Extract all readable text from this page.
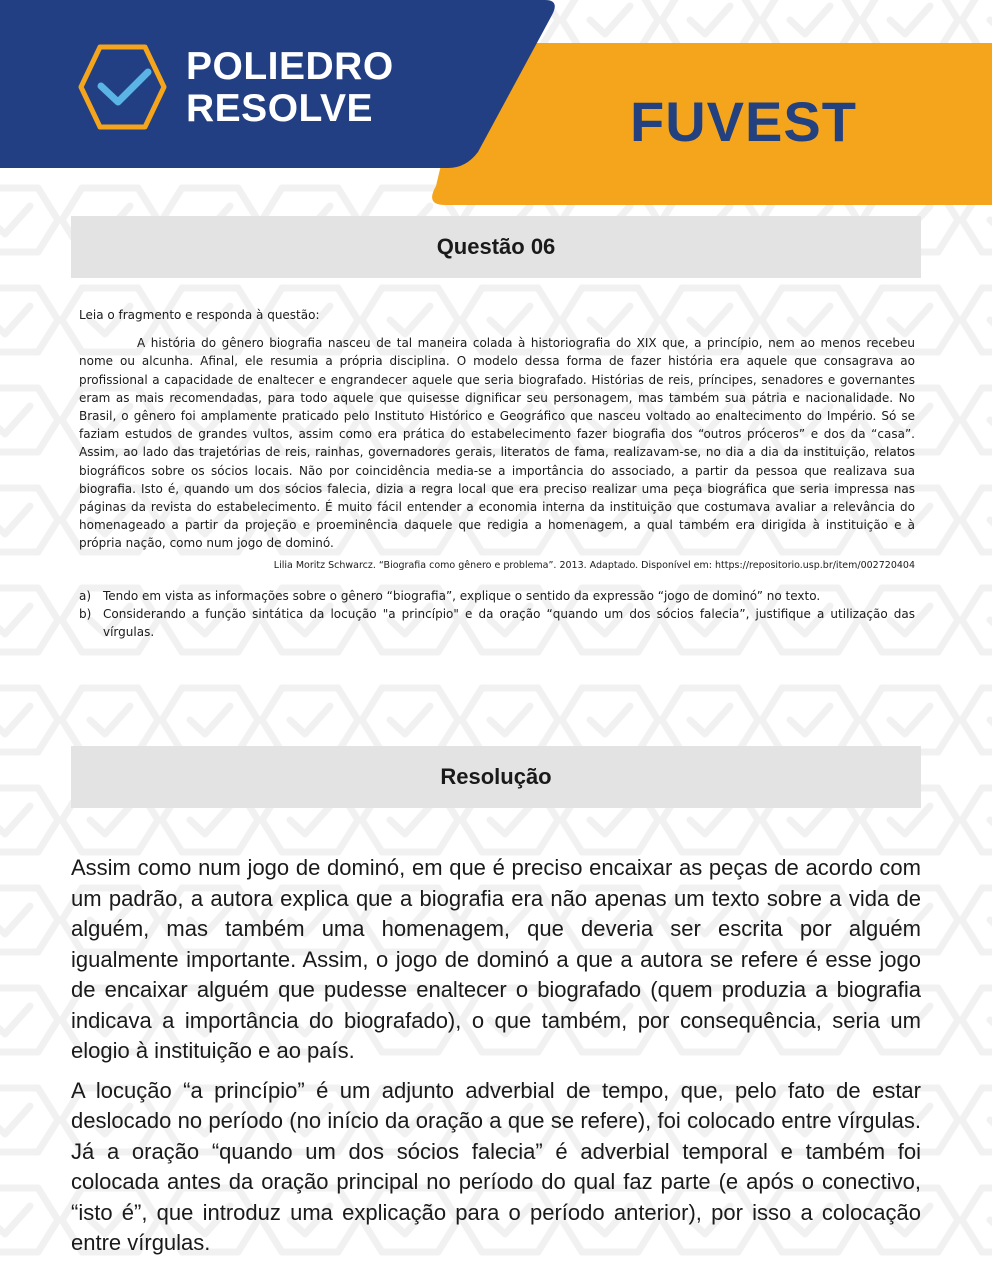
POLIEDRO
RESOLVE	FUVEST
Questão 06

Leia o fragmento e responda à questão:

A história do gênero biografia nasceu de tal maneira colada à historiografia do XIX que, a princípio, nem ao menos recebeu nome ou alcunha. Afinal, ele resumia a própria disciplina. O modelo dessa forma de fazer história era aquele que consagrava ao profissional a capacidade de enaltecer e engrandecer aquele que seria biografado. Histórias de reis, príncipes, senadores e governantes eram as mais recomendadas, para todo aquele que quisesse dignificar seu personagem, mas também sua pátria e nacionalidade. No Brasil, o gênero foi amplamente praticado pelo Instituto Histórico e Geográfico que nasceu voltado ao enaltecimento do Império. Só se faziam estudos de grandes vultos, assim como era prática do estabelecimento fazer biografia dos “outros próceros” e dos da “casa”. Assim, ao lado das trajetórias de reis, rainhas, governadores gerais, literatos de fama, realizavam-se, no dia a dia da instituição, relatos biográficos sobre os sócios locais. Não por coincidência media-se a importância do associado, a partir da pessoa que realizava sua biografia. Isto é, quando um dos sócios falecia, dizia a regra local que era preciso realizar uma peça biográfica que seria impressa nas páginas da revista do estabelecimento. É muito fácil entender a economia interna da instituição que costumava avaliar a relevância do homenageado a partir da projeção e proeminência daquele que redigia a homenagem, a qual também era dirigida à instituição e à própria nação, como num jogo de dominó.

Lilia Moritz Schwarcz. “Biografia como gênero e problema”. 2013. Adaptado. Disponível em: https://repositorio.usp.br/item/002720404

a) Tendo em vista as informações sobre o gênero “biografia”, explique o sentido da expressão “jogo de dominó” no texto.
b) Considerando a função sintática da locução "a princípio" e da oração “quando um dos sócios falecia”, justifique a utilização das vírgulas.
Resolução

Assim como num jogo de dominó, em que é preciso encaixar as peças de acordo com um padrão, a autora explica que a biografia era não apenas um texto sobre a vida de alguém, mas também uma homenagem, que deveria ser escrita por alguém igualmente importante. Assim, o jogo de dominó a que a autora se refere é esse jogo de encaixar alguém que pudesse enaltecer o biografado (quem produzia a biografia indicava a importância do biografado), o que também, por consequência, seria um elogio à instituição e ao país.

A locução “a princípio” é um adjunto adverbial de tempo, que, pelo fato de estar deslocado no período (no início da oração a que se refere), foi colocado entre vírgulas. Já a oração “quando um dos sócios falecia” é adverbial temporal e também foi colocada antes da oração principal no período do qual faz parte (e após o conectivo, “isto é”, que introduz uma explicação para o período anterior), por isso a colocação entre vírgulas.
